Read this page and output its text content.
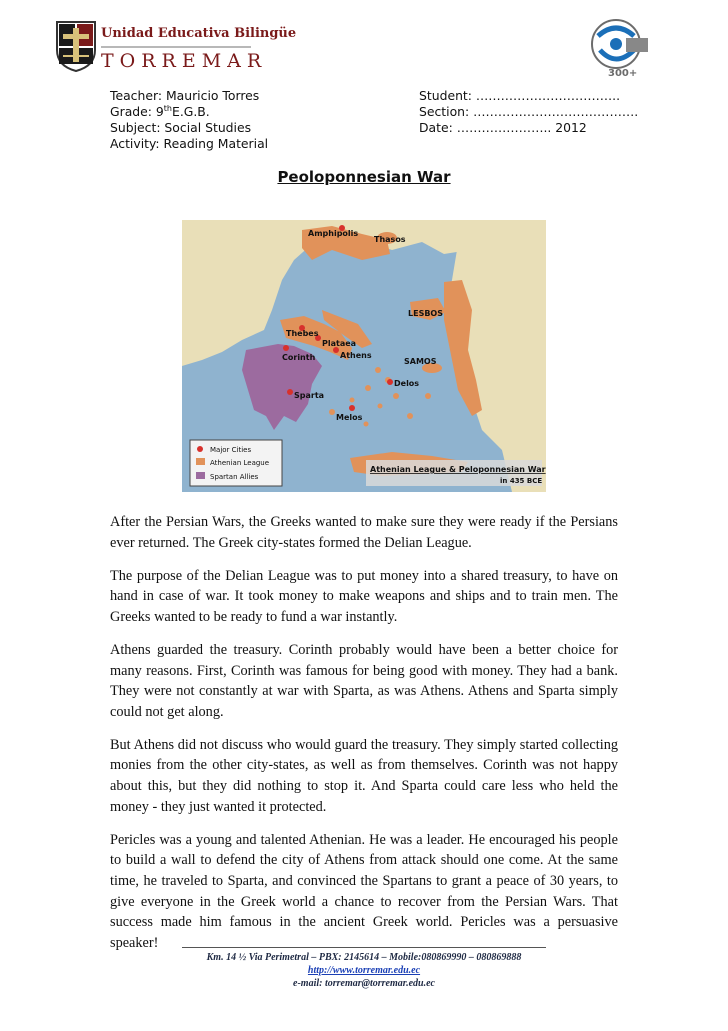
Unidad Educativa Bilingüe
TORREMAR
300+
Teacher: Mauricio Torres
Grade: 9thE.G.B.
Subject: Social Studies
Activity: Reading Material
Student: ……………………………..
Section: ………………………………….
Date: ………………….. 2012
Peoloponnesian War
Amphipolis
Thasos
LESBOS
Thebes
Plataea
Corinth	Athens
SAMOS
Delos
Sparta
Melos
Major Cities
Athenian League
Spartan Allies
Athenian League & Peloponnesian War
in 435 BCE

After the Persian Wars, the Greeks wanted to make sure they were ready if the Persians ever returned. The Greek city-states formed the Delian League.

The purpose of the Delian League was to put money into a shared treasury, to have on hand in case of war. It took money to make weapons and ships and to train men. The Greeks wanted to be ready to fund a war instantly.

Athens guarded the treasury. Corinth probably would have been a better choice for many reasons. First, Corinth was famous for being good with money. They had a bank. They were not constantly at war with Sparta, as was Athens. Athens and Sparta simply could not get along.

But Athens did not discuss who would guard the treasury. They simply started collecting monies from the other city-states, as well as from themselves. Corinth was not happy about this, but they did nothing to stop it. And Sparta could care less who held the money - they just wanted it protected.

Pericles was a young and talented Athenian. He was a leader. He encouraged his people to build a wall to defend the city of Athens from attack should one come. At the same time, he traveled to Sparta, and convinced the Spartans to grant a peace of 30 years, to give everyone in the Greek world a chance to recover from the Persian Wars. That success made him famous in the ancient Greek world. Pericles was a persuasive speaker!

Km. 14 ½ Via Perimetral – PBX: 2145614 – Mobile:080869990 – 080869888
http://www.torremar.edu.ec
e-mail: torremar@torremar.edu.ec
